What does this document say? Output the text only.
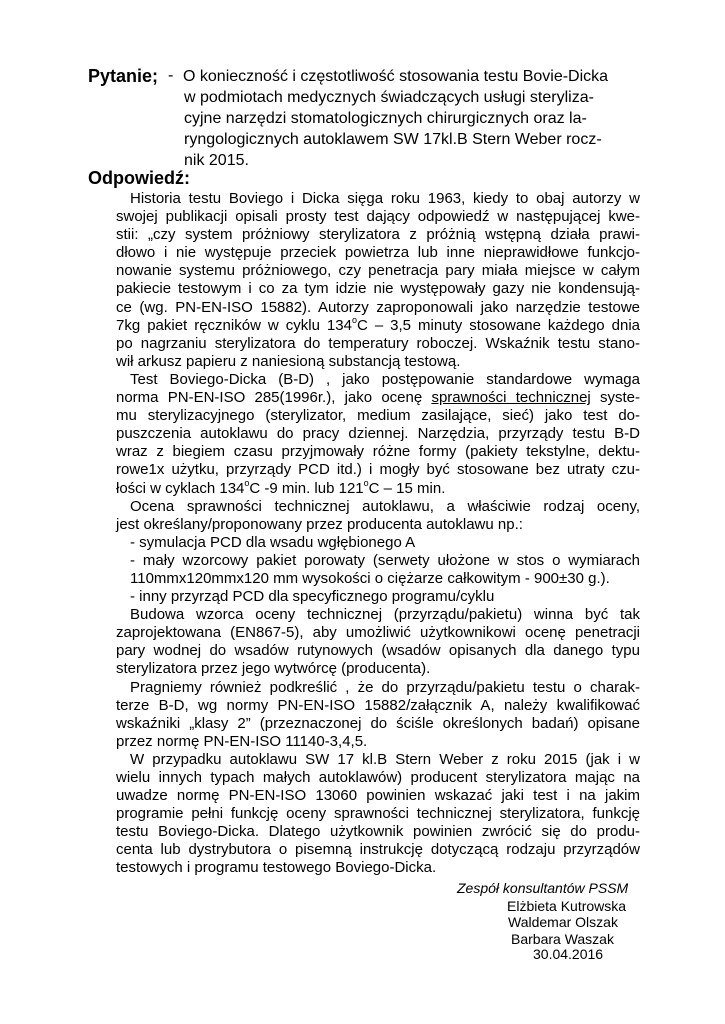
Pytanie; - O konieczność i częstotliwość stosowania testu Bovie-Dicka
w podmiotach medycznych świadczących usługi steryliza-
cyjne narzędzi stomatologicznych chirurgicznych oraz la-
ryngologicznych autoklawem SW 17kl.B Stern Weber rocz-
nik 2015.
Odpowiedź:
Historia testu Boviego i Dicka sięga roku 1963, kiedy to obaj autorzy w
swojej publikacji opisali prosty test dający odpowiedź w następującej kwe-
stii: „czy system próżniowy sterylizatora z próżnią wstępną działa prawi-
dłowo i nie występuje przeciek powietrza lub inne nieprawidłowe funkcjo-
nowanie systemu próżniowego, czy penetracja pary miała miejsce w całym
pakiecie testowym i co za tym idzie nie występowały gazy nie kondensują-
ce (wg. PN-EN-ISO 15882). Autorzy zaproponowali jako narzędzie testowe
7kg pakiet ręczników w cyklu 134$^o$C – 3,5 minuty stosowane każdego dnia
po nagrzaniu sterylizatora do temperatury roboczej. Wskaźnik testu stano-
wił arkusz papieru z naniesioną substancją testową.
Test Boviego-Dicka (B-D) , jako postępowanie standardowe wymaga
norma PN-EN-ISO 285(1996r.), jako ocenę sprawności technicznej syste-
mu sterylizacyjnego (sterylizator, medium zasilające, sieć) jako test do-
puszczenia autoklawu do pracy dziennej. Narzędzia, przyrządy testu B-D
wraz z biegiem czasu przyjmowały różne formy (pakiety tekstylne, dektu-
rowe1x użytku, przyrządy PCD itd.) i mogły być stosowane bez utraty czu-
łości w cyklach 134$^o$C -9 min. lub 121$^o$C – 15 min.
Ocena sprawności technicznej autoklawu, a właściwie rodzaj oceny,
jest określany/proponowany przez producenta autoklawu np.:
- symulacja PCD dla wsadu wgłębionego A
- mały wzorcowy pakiet porowaty (serwety ułożone w stos o wymiarach
110mmx120mmx120 mm wysokości o ciężarze całkowitym - 900±30 g.).
- inny przyrząd PCD dla specyficznego programu/cyklu
Budowa wzorca oceny technicznej (przyrządu/pakietu) winna być tak
zaprojektowana (EN867-5), aby umożliwić użytkownikowi ocenę penetracji
pary wodnej do wsadów rutynowych (wsadów opisanych dla danego typu
sterylizatora przez jego wytwórcę (producenta).
Pragniemy również podkreślić , że do przyrządu/pakietu testu o charak-
terze B-D, wg normy PN-EN-ISO 15882/załącznik A, należy kwalifikować
wskaźniki „klasy 2” (przeznaczonej do ściśle określonych badań) opisane
przez normę PN-EN-ISO 11140-3,4,5.
W przypadku autoklawu SW 17 kl.B Stern Weber z roku 2015 (jak i w
wielu innych typach małych autoklawów) producent sterylizatora mając na
uwadze normę PN-EN-ISO 13060 powinien wskazać jaki test i na jakim
programie pełni funkcję oceny sprawności technicznej sterylizatora, funkcję
testu Boviego-Dicka. Dlatego użytkownik powinien zwrócić się do produ-
centa lub dystrybutora o pisemną instrukcję dotyczącą rodzaju przyrządów
testowych i programu testowego Boviego-Dicka.
Zespół konsultantów PSSM
Elżbieta Kutrowska
Waldemar Olszak
Barbara Waszak
30.04.2016
